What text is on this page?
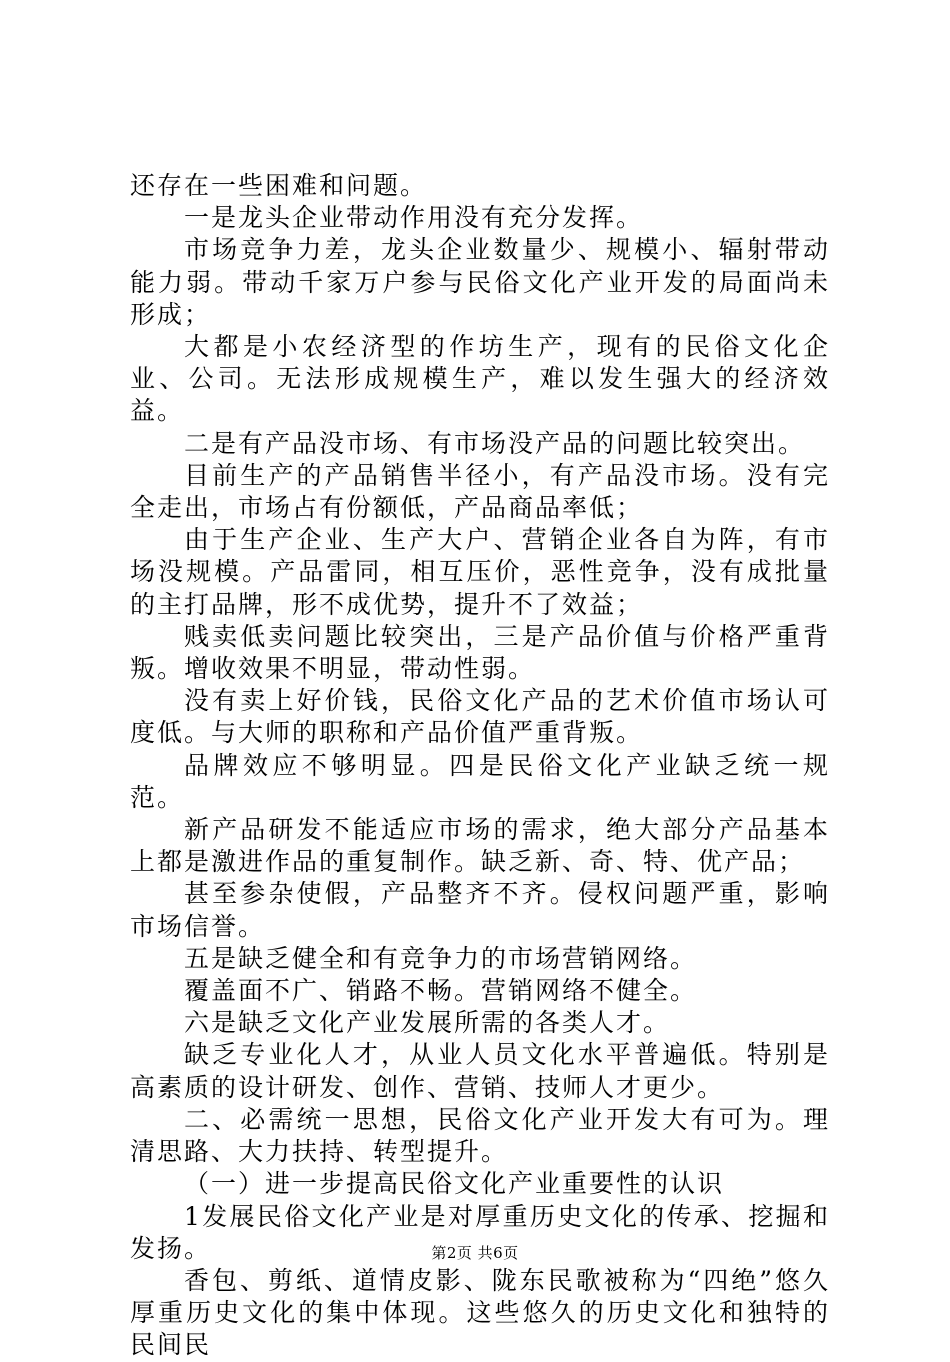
还存在一些困难和问题。

一是龙头企业带动作用没有充分发挥。

市场竞争力差，龙头企业数量少、规模小、辐射带动能力弱。带动千家万户参与民俗文化产业开发的局面尚未形成；

大都是小农经济型的作坊生产，现有的民俗文化企业、公司。无法形成规模生产，难以发生强大的经济效益。

二是有产品没市场、有市场没产品的问题比较突出。

目前生产的产品销售半径小，有产品没市场。没有完全走出，市场占有份额低，产品商品率低；

由于生产企业、生产大户、营销企业各自为阵，有市场没规模。产品雷同，相互压价，恶性竞争，没有成批量的主打品牌，形不成优势，提升不了效益；

贱卖低卖问题比较突出，三是产品价值与价格严重背叛。增收效果不明显，带动性弱。

没有卖上好价钱，民俗文化产品的艺术价值市场认可度低。与大师的职称和产品价值严重背叛。

品牌效应不够明显。四是民俗文化产业缺乏统一规范。

新产品研发不能适应市场的需求，绝大部分产品基本上都是激进作品的重复制作。缺乏新、奇、特、优产品；

甚至参杂使假，产品整齐不齐。侵权问题严重，影响市场信誉。

五是缺乏健全和有竞争力的市场营销网络。

覆盖面不广、销路不畅。营销网络不健全。

六是缺乏文化产业发展所需的各类人才。

缺乏专业化人才，从业人员文化水平普遍低。特别是高素质的设计研发、创作、营销、技师人才更少。

二、必需统一思想，民俗文化产业开发大有可为。理清思路、大力扶持、转型提升。

（一）进一步提高民俗文化产业重要性的认识

1发展民俗文化产业是对厚重历史文化的传承、挖掘和发扬。

香包、剪纸、道情皮影、陇东民歌被称为“四绝”悠久厚重历史文化的集中体现。这些悠久的历史文化和独特的民间民

第2页 共6页
